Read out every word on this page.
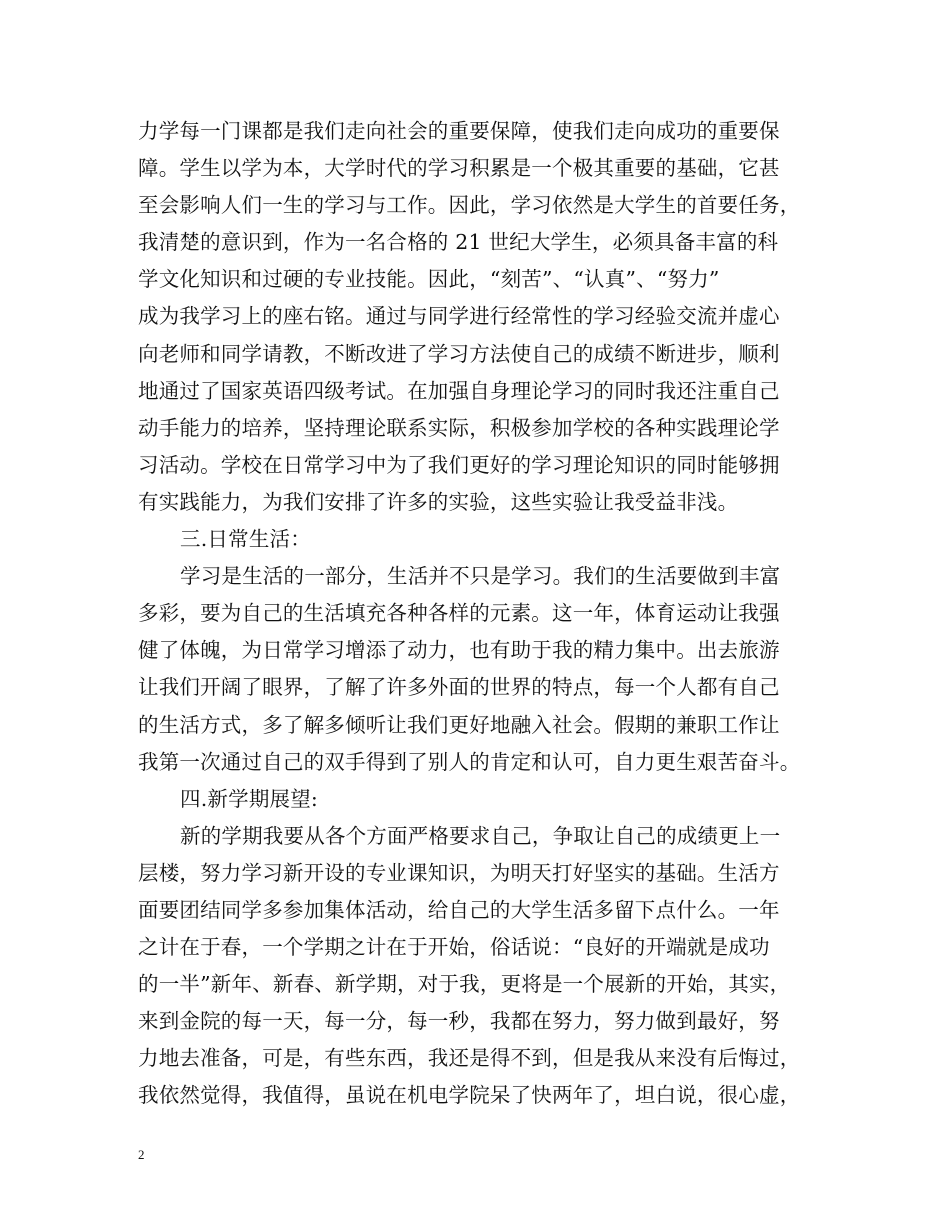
力学每一门课都是我们走向社会的重要保障，使我们走向成功的重要保
障。学生以学为本，大学时代的学习积累是一个极其重要的基础，它甚
至会影响人们一生的学习与工作。因此，学习依然是大学生的首要任务，
我清楚的意识到，作为一名合格的 21 世纪大学生，必须具备丰富的科
学文化知识和过硬的专业技能。因此，“刻苦”、“认真”、“努力”
成为我学习上的座右铭。通过与同学进行经常性的学习经验交流并虚心
向老师和同学请教，不断改进了学习方法使自己的成绩不断进步，顺利
地通过了国家英语四级考试。在加强自身理论学习的同时我还注重自己
动手能力的培养，坚持理论联系实际，积极参加学校的各种实践理论学
习活动。学校在日常学习中为了我们更好的学习理论知识的同时能够拥
有实践能力，为我们安排了许多的实验，这些实验让我受益非浅。
三.日常生活：
学习是生活的一部分，生活并不只是学习。我们的生活要做到丰富
多彩，要为自己的生活填充各种各样的元素。这一年，体育运动让我强
健了体魄，为日常学习增添了动力，也有助于我的精力集中。出去旅游
让我们开阔了眼界，了解了许多外面的世界的特点，每一个人都有自己
的生活方式，多了解多倾听让我们更好地融入社会。假期的兼职工作让
我第一次通过自己的双手得到了别人的肯定和认可，自力更生艰苦奋斗。
四.新学期展望:
新的学期我要从各个方面严格要求自己，争取让自己的成绩更上一
层楼，努力学习新开设的专业课知识，为明天打好坚实的基础。生活方
面要团结同学多参加集体活动，给自己的大学生活多留下点什么。一年
之计在于春，一个学期之计在于开始，俗话说：“良好的开端就是成功
的一半”新年、新春、新学期，对于我，更将是一个展新的开始，其实，
来到金院的每一天，每一分，每一秒，我都在努力，努力做到最好，努
力地去准备，可是，有些东西，我还是得不到，但是我从来没有后悔过，
我依然觉得，我值得，虽说在机电学院呆了快两年了，坦白说，很心虚，
2
